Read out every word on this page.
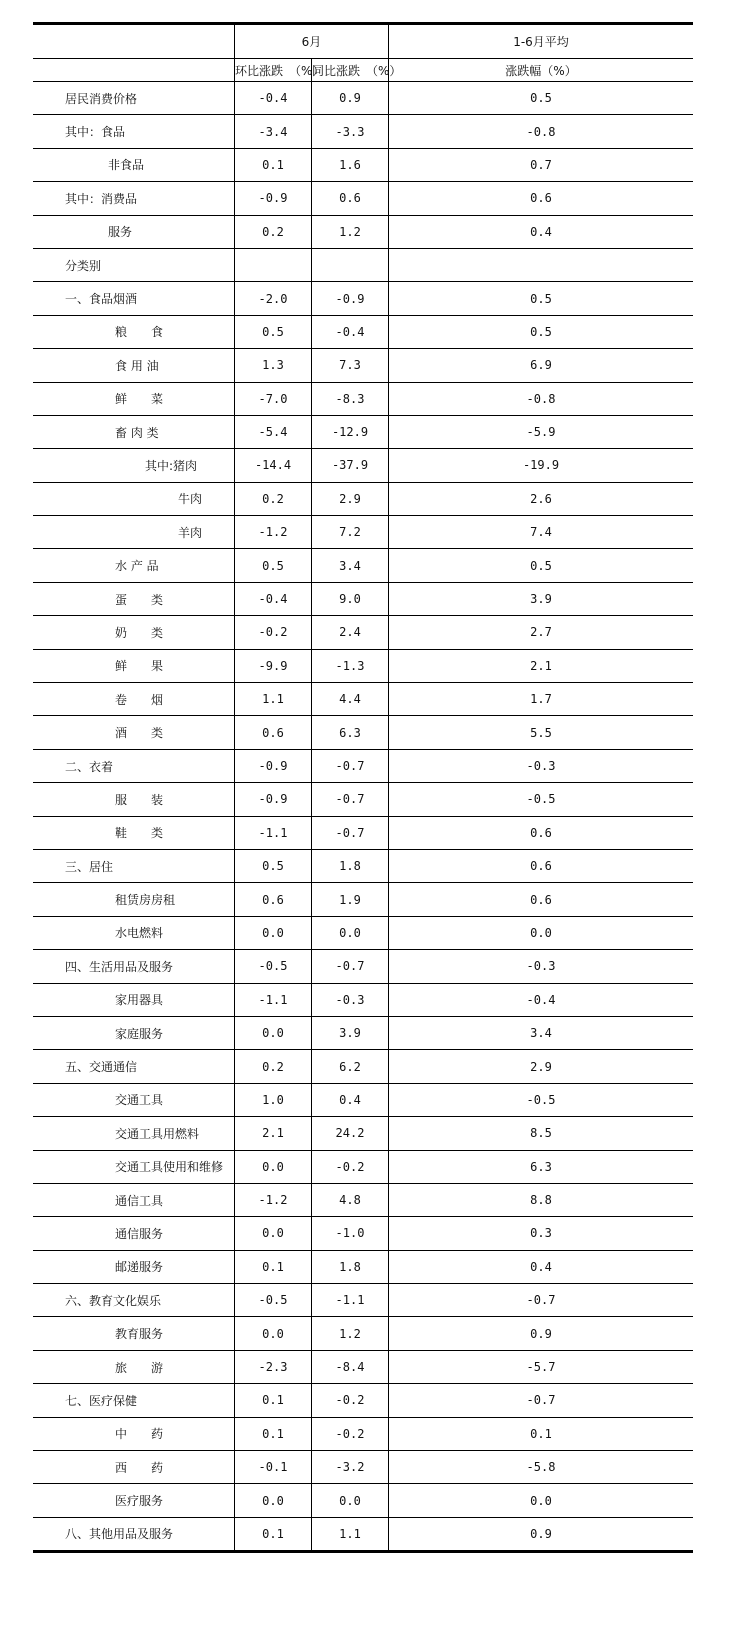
	6月		1-6月平均
	环比涨跌　（%）	同比涨跌　（%）	涨跌幅（%）
居民消费价格	-0.4	0.9	0.5
其中：食品	-3.4	-3.3	-0.8
非食品	0.1	1.6	0.7
其中：消费品	-0.9	0.6	0.6
服务	0.2	1.2	0.4
分类别			
一、食品烟酒	-2.0	-0.9	0.5
粮　　食	0.5	-0.4	0.5
食 用 油	1.3	7.3	6.9
鲜　　菜	-7.0	-8.3	-0.8
畜 肉 类	-5.4	-12.9	-5.9
其中:猪肉	-14.4	-37.9	-19.9
牛肉	0.2	2.9	2.6
羊肉	-1.2	7.2	7.4
水 产 品	0.5	3.4	0.5
蛋　　类	-0.4	9.0	3.9
奶　　类	-0.2	2.4	2.7
鲜　　果	-9.9	-1.3	2.1
卷　　烟	1.1	4.4	1.7
酒　　类	0.6	6.3	5.5
二、衣着	-0.9	-0.7	-0.3
服　　装	-0.9	-0.7	-0.5
鞋　　类	-1.1	-0.7	0.6
三、居住	0.5	1.8	0.6
租赁房房租	0.6	1.9	0.6
水电燃料	0.0	0.0	0.0
四、生活用品及服务	-0.5	-0.7	-0.3
家用器具	-1.1	-0.3	-0.4
家庭服务	0.0	3.9	3.4
五、交通通信	0.2	6.2	2.9
交通工具	1.0	0.4	-0.5
交通工具用燃料	2.1	24.2	8.5
交通工具使用和维修	0.0	-0.2	6.3
通信工具	-1.2	4.8	8.8
通信服务	0.0	-1.0	0.3
邮递服务	0.1	1.8	0.4
六、教育文化娱乐	-0.5	-1.1	-0.7
教育服务	0.0	1.2	0.9
旅　　游	-2.3	-8.4	-5.7
七、医疗保健	0.1	-0.2	-0.7
中　　药	0.1	-0.2	0.1
西　　药	-0.1	-3.2	-5.8
医疗服务	0.0	0.0	0.0
八、其他用品及服务	0.1	1.1	0.9
